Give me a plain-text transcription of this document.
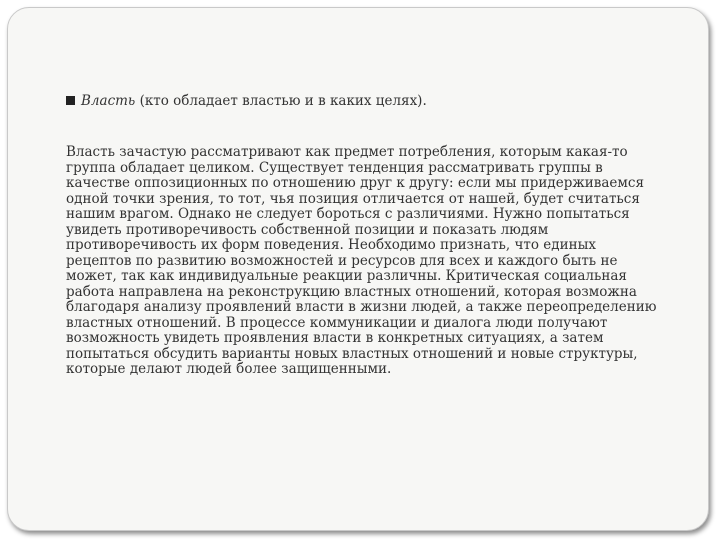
Власть (кто обладает властью и в каких целях).
Власть зачастую рассматривают как предмет потребления, которым какая-то
группа обладает целиком. Существует тенденция рассматривать группы в
качестве оппозиционных по отношению друг к другу: если мы придерживаемся
одной точки зрения, то тот, чья позиция отличается от нашей, будет считаться
нашим врагом. Однако не следует бороться с различиями. Нужно попытаться
увидеть противоречивость собственной позиции и показать людям
противоречивость их форм поведения. Необходимо признать, что единых
рецептов по развитию возможностей и ресурсов для всех и каждого быть не
может, так как индивидуальные реакции различны. Критическая социальная
работа направлена на реконструкцию властных отношений, которая возможна
благодаря анализу проявлений власти в жизни людей, а также переопределению
властных отношений. В процессе коммуникации и диалога люди получают
возможность увидеть проявления власти в конкретных ситуациях, а затем
попытаться обсудить варианты новых властных отношений и новые структуры,
которые делают людей более защищенными.
